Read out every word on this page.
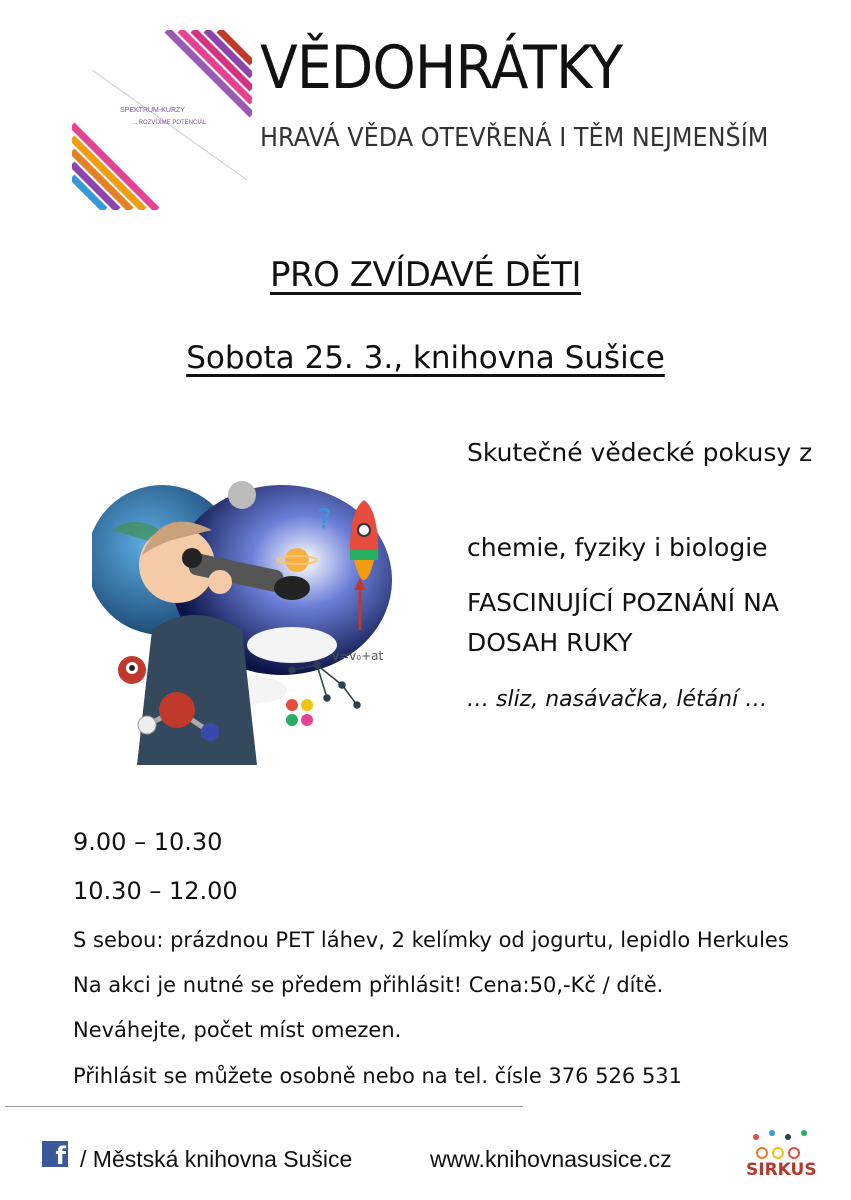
SPEKTRUM-KURZY
... ROZVÍJÍME POTENCIÁL
VĚDOHRÁTKY
HRAVÁ VĚDA OTEVŘENÁ I TĚM NEJMENŠÍM
PRO ZVÍDAVÉ DĚTI
Sobota 25. 3., knihovna Sušice
?
v=v₀+at
Skutečné vědecké pokusy z
chemie, fyziky i biologie
FASCINUJÍCÍ POZNÁNÍ NA DOSAH RUKY
… sliz, nasávačka, létání …
9.00 – 10.30
10.30 – 12.00
S sebou: prázdnou PET láhev, 2 kelímky od jogurtu, lepidlo Herkules
Na akci je nutné se předem přihlásit! Cena:50,-Kč / dítě.
Neváhejte, počet míst omezen.
Přihlásit se můžete osobně nebo na tel. čísle 376 526 531
f / Městská knihovna Sušice	www.knihovnasusice.cz	SIRKUS
